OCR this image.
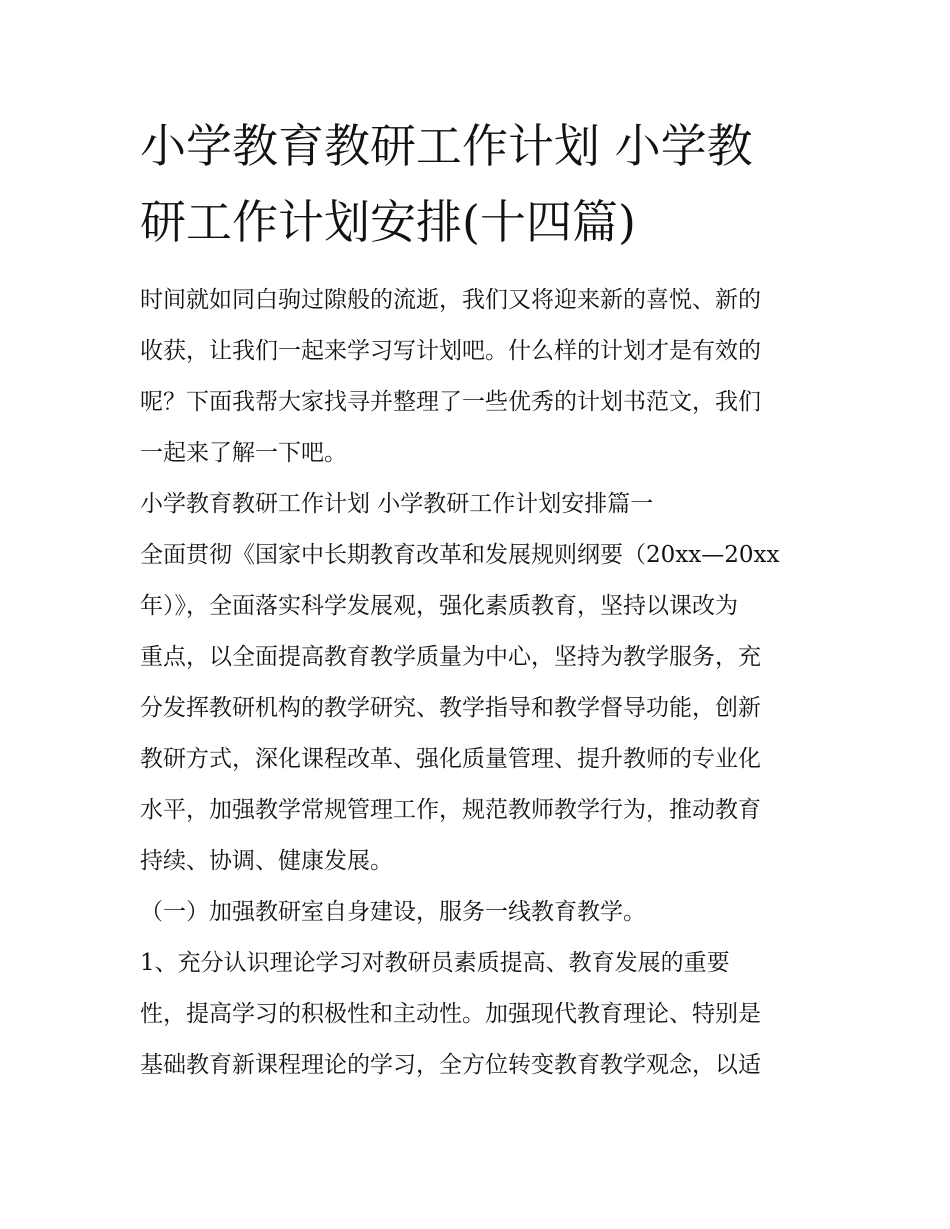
小学教育教研工作计划 小学教
研工作计划安排(十四篇)

时间就如同白驹过隙般的流逝，我们又将迎来新的喜悦、新的

收获，让我们一起来学习写计划吧。什么样的计划才是有效的

呢？下面我帮大家找寻并整理了一些优秀的计划书范文，我们

一起来了解一下吧。

小学教育教研工作计划 小学教研工作计划安排篇一

全面贯彻《国家中长期教育改革和发展规则纲要（20xx—20xx

年）》，全面落实科学发展观，强化素质教育，坚持以课改为

重点，以全面提高教育教学质量为中心，坚持为教学服务，充

分发挥教研机构的教学研究、教学指导和教学督导功能，创新

教研方式，深化课程改革、强化质量管理、提升教师的专业化

水平，加强教学常规管理工作，规范教师教学行为，推动教育

持续、协调、健康发展。

（一）加强教研室自身建设，服务一线教育教学。

1、充分认识理论学习对教研员素质提高、教育发展的重要

性，提高学习的积极性和主动性。加强现代教育理论、特别是

基础教育新课程理论的学习，全方位转变教育教学观念，以适
